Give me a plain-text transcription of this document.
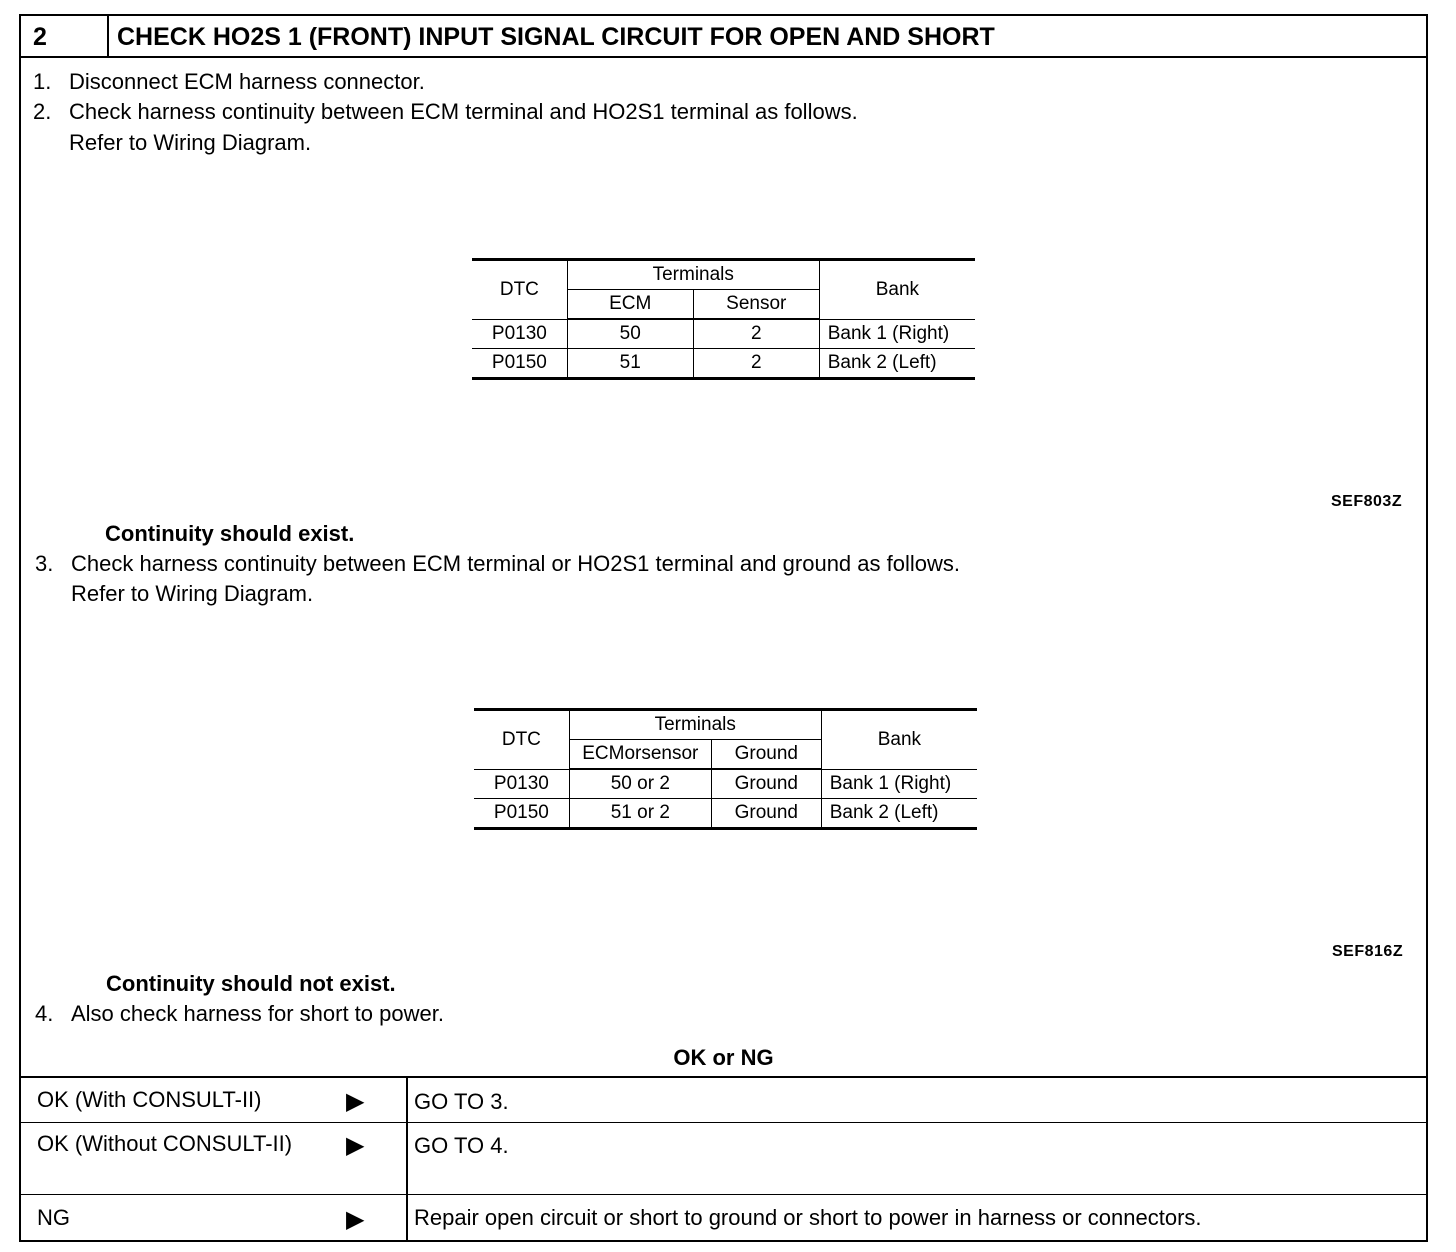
2	CHECK HO2S 1 (FRONT) INPUT SIGNAL CIRCUIT FOR OPEN AND SHORT
1. Disconnect ECM harness connector.
2. Check harness continuity between ECM terminal and HO2S1 terminal as follows.
Refer to Wiring Diagram.
DTC	Terminals		Bank
	ECM	Sensor	
P0130	50	2	Bank 1 (Right)
P0150	51	2	Bank 2 (Left)
SEF803Z
Continuity should exist.
3. Check harness continuity between ECM terminal or HO2S1 terminal and ground as follows.
Refer to Wiring Diagram.
DTC	Terminals		Bank
	ECMorsensor	Ground	
P0130	50 or 2	Ground	Bank 1 (Right)
P0150	51 or 2	Ground	Bank 2 (Left)
SEF816Z
Continuity should not exist.
4. Also check harness for short to power.
OK or NG
OK (With CONSULT-II)	▶ GO TO 3.
OK (Without CONSULT-II)	▶ GO TO 4.
NG	▶ Repair open circuit or short to ground or short to power in harness or connectors.
